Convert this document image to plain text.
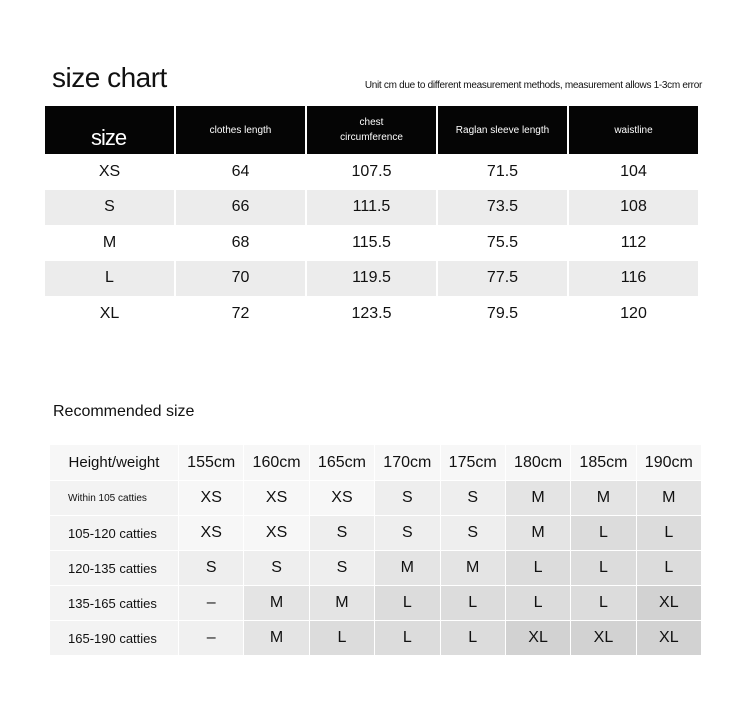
size chart	Unit cm due to different measurement methods, measurement allows 1-3cm error
size	clothes length	chest circumference	Raglan sleeve length	waistline
XS	64	107.5	71.5	104
S	66	111.5	73.5	108
M	68	115.5	75.5	112
L	70	119.5	77.5	116
XL	72	123.5	79.5	120
Recommended size
Height/weight	155cm	160cm	165cm	170cm	175cm	180cm	185cm	190cm
Within 105 catties	XS	XS	XS	S	S	M	M	M
105-120 catties	XS	XS	S	S	S	M	L	L
120-135 catties	S	S	S	M	M	L	L	L
135-165 catties	–	M	M	L	L	L	L	XL
165-190 catties	–	M	L	L	L	XL	XL	XL
